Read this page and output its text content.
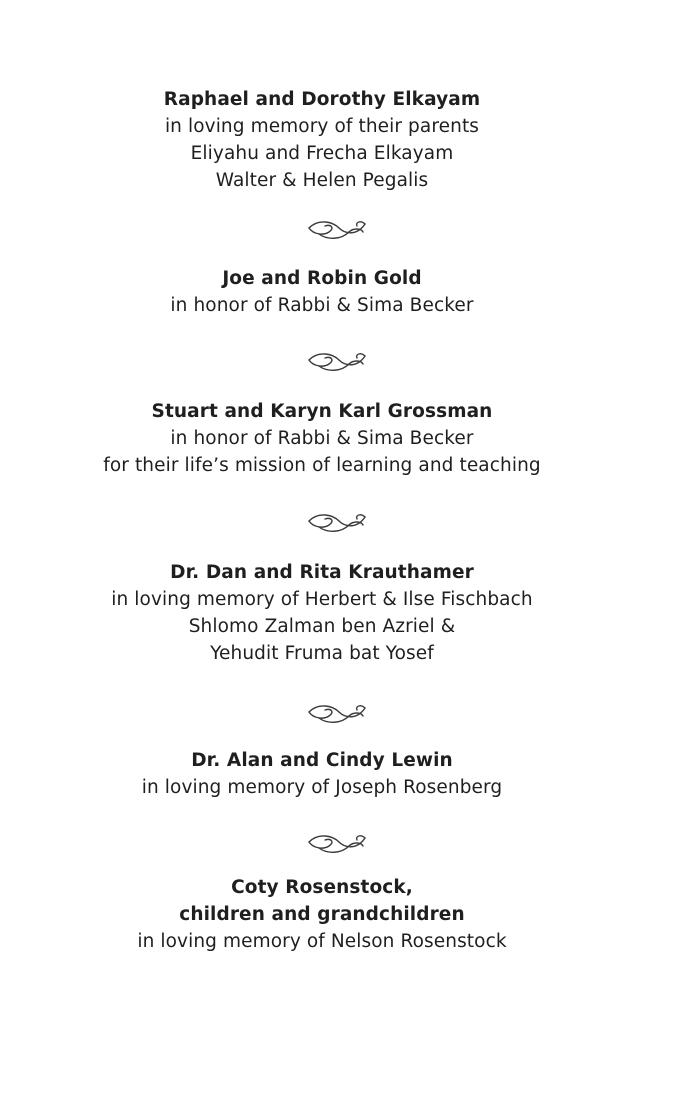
Raphael and Dorothy Elkayam
in loving memory of their parents
Eliyahu and Frecha Elkayam
Walter & Helen Pegalis
Joe and Robin Gold
in honor of Rabbi & Sima Becker
Stuart and Karyn Karl Grossman
in honor of Rabbi & Sima Becker
for their life’s mission of learning and teaching
Dr. Dan and Rita Krauthamer
in loving memory of Herbert & Ilse Fischbach
Shlomo Zalman ben Azriel &
Yehudit Fruma bat Yosef
Dr. Alan and Cindy Lewin
in loving memory of Joseph Rosenberg
Coty Rosenstock,
children and grandchildren
in loving memory of Nelson Rosenstock
